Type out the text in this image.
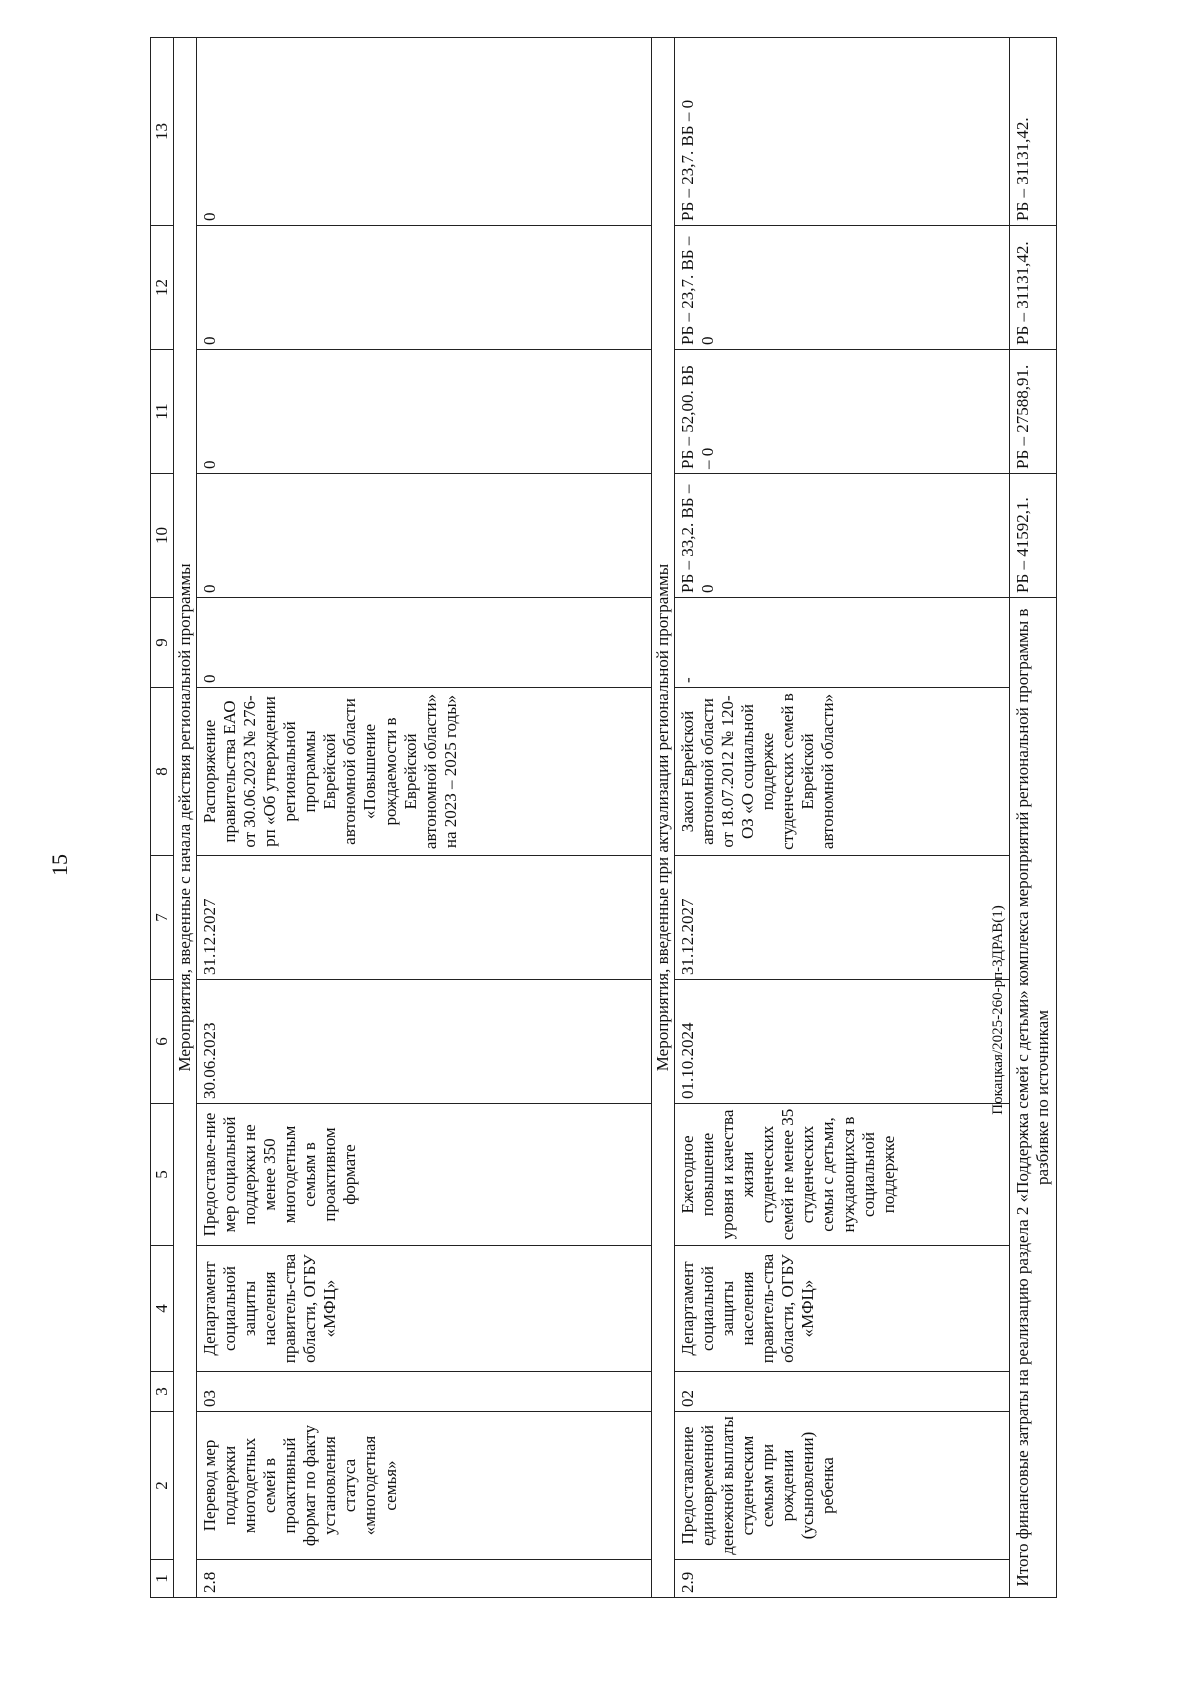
15
1	2	3	4	5	6	7	8	9	10	11	12	13
Мероприятия, введенные с начала действия региональной программы												
2.8	Перевод мер поддержки многодетных семей в проактивный формат по факту установления статуса «многодетная семья»	03	Департамент социальной защиты населения правитель-ства области, ОГБУ «МФЦ»	Предоставле-ние мер социальной поддержки не менее 350 многодетным семьям в проактивном формате	30.06.2023	31.12.2027	Распоряжение правительства ЕАО от 30.06.2023 № 276-рп «Об утверждении региональной программы Еврейской автономной области «Повышение рождаемости в Еврейской автономной области» на 2023 – 2025 годы»	0	0	0	0	0
Мероприятия, введенные при актуализации региональной программы												
2.9	Предоставление единовременной денежной выплаты студенческим семьям при рождении (усыновлении) ребенка	02	Департамент социальной защиты населения правитель-ства области, ОГБУ «МФЦ»	Ежегодное повышение уровня и качества жизни студенческих семей не менее 35 студенческих семьи с детьми, нуждающихся в социальной поддержке	01.10.2024	31.12.2027	Закон Еврейской автономной области от 18.07.2012 № 120-ОЗ «О социальной поддержке студенческих семей в Еврейской автономной области»	-	РБ – 33,2. ВБ – 0	РБ – 52,00. ВБ – 0	РБ – 23,7. ВБ – 0	РБ – 23,7. ВБ – 0
Итого финансовые затраты на реализацию раздела 2 «Поддержка семей с детьми» комплекса мероприятий региональной программы в разбивке по источникам									РБ – 41592,1.	РБ – 27588,91.	РБ – 31131,42.	РБ – 31131,42.
Покацкая/2025-260-рп-ЗДРАВ(1)
